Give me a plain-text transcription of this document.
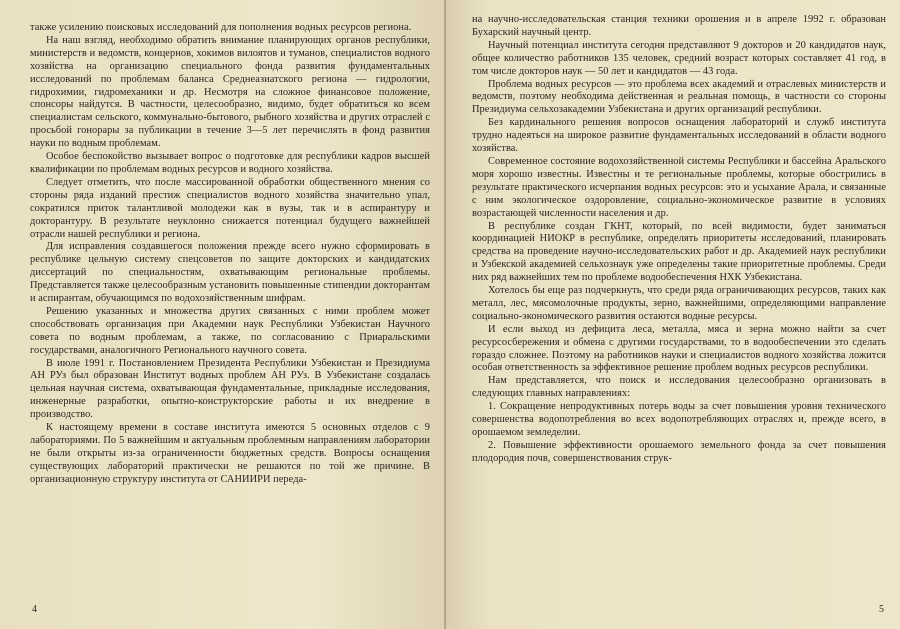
также усилению поисковых исследований для пополнения водных ресурсов региона.

На наш взгляд, необходимо обратить внимание планирующих органов республики, министерств и ведомств, концернов, хокимов вилоятов и туманов, специалистов водного хозяйства на организацию специального фонда развития фундаментальных исследований по проблемам баланса Среднеазиатского региона — гидрологии, гидрохимии, гидромеханики и др. Несмотря на сложное финансовое положение, спонсоры найдутся. В частности, целесообразно, видимо, будет обратиться ко всем специалистам сельского, коммунально-бытового, рыбного хозяйства и других отраслей с просьбой гонорары за публикации в течение 3—5 лет перечислять в фонд развития науки по водным проблемам.

Особое беспокойство вызывает вопрос о подготовке для республики кадров высшей квалификации по проблемам водных ресурсов и водного хозяйства.

Следует отметить, что после массированной обработки общественного мнения со стороны ряда изданий престиж специалистов водного хозяйства значительно упал, сократился приток талантливой молодежи как в вузы, так и в аспирантуру и докторантуру. В результате неуклонно снижается потенциал будущего важнейшей отрасли нашей республики и региона.

Для исправления создавшегося положения прежде всего нужно сформировать в республике цельную систему спецсоветов по защите докторских и кандидатских диссертаций по специальностям, охватывающим региональные проблемы. Представляется также целесообразным установить повышенные стипендии докторантам и аспирантам, обучающимся по водохозяйственным шифрам.

Решению указанных и множества других связанных с ними проблем может способствовать организация при Академии наук Республики Узбекистан Научного совета по водным проблемам, а также, по согласованию с Приаральскими государствами, аналогичного Регионального научного совета.

В июле 1991 г. Постановлением Президента Республики Узбекистан и Президиума АН РУз был образован Институт водных проблем АН РУз. В Узбекистане создалась цельная научная система, охватывающая фундаментальные, прикладные исследования, инженерные разработки, опытно-конструкторские работы и их внедрение в производство.

К настоящему времени в составе института имеются 5 основных отделов с 9 лабораториями. По 5 важнейшим и актуальным проблемным направлениям лаборатории не были открыты из-за ограниченности бюджетных средств. Вопросы оснащения существующих лабораторий практически не решаются по той же причине. В организационную структуру института от САНИИРИ переда-

4

на научно-исследовательская станция техники орошения и в апреле 1992 г. образован Бухарский научный центр.

Научный потенциал института сегодня представляют 9 докторов и 20 кандидатов наук, общее количество работников 135 человек, средний возраст которых составляет 41 год, в том числе докторов наук — 50 лет и кандидатов — 43 года.

Проблема водных ресурсов — это проблема всех академий и отраслевых министерств и ведомств, поэтому необходима действенная и реальная помощь, в частности со стороны Президиума сельхозакадемии Узбекистана и других организаций республики.

Без кардинального решения вопросов оснащения лабораторий и служб института трудно надеяться на широкое развитие фундаментальных исследований в области водного хозяйства.

Современное состояние водохозяйственной системы Республики и бассейна Аральского моря хорошо известны. Известны и те региональные проблемы, которые обострились в результате практического исчерпания водных ресурсов: это и усыхание Арала, и связанные с ним экологическое оздоровление, социально-экономическое развитие в условиях возрастающей численности населения и др.

В республике создан ГКНТ, который, по всей видимости, будет заниматься координацией НИОКР в республике, определять приоритеты исследований, планировать средства на проведение научно-исследовательских работ и др. Академией наук республики и Узбекской академией сельхознаук уже определены такие приоритетные проблемы. Среди них ряд важнейших тем по проблеме водообеспечения НХК Узбекистана.

Хотелось бы еще раз подчеркнуть, что среди ряда ограничивающих ресурсов, таких как металл, лес, мясомолочные продукты, зерно, важнейшими, определяющими направление социально-экономического развития остаются водные ресурсы.

И если выход из дефицита леса, металла, мяса и зерна можно найти за счет ресурсосбережения и обмена с другими государствами, то в водообеспечении это сделать гораздо сложнее. Поэтому на работников науки и специалистов водного хозяйства ложится особая ответственность за эффективное решение проблем водных ресурсов республики.

Нам представляется, что поиск и исследования целесообразно организовать в следующих главных направлениях:

1. Сокращение непродуктивных потерь воды за счет повышения уровня технического совершенства водопотребления во всех водопотребляющих отраслях и, прежде всего, в орошаемом земледелии.

2. Повышение эффективности орошаемого земельного фонда за счет повышения плодородия почв, совершенствования струк-

5
